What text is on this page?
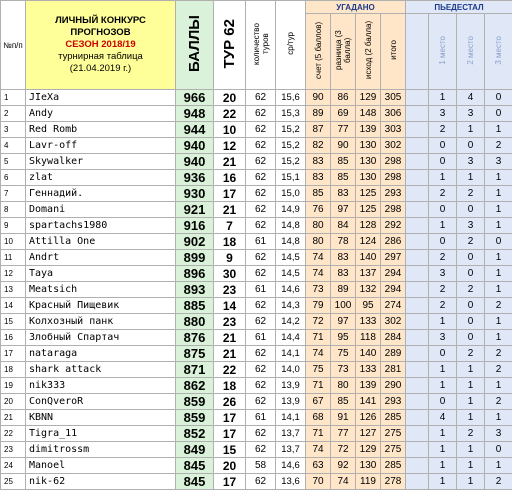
№п/п	ЛИЧНЫЙ КОНКУРС
ПРОГНОЗОВ
СЕЗОН 2018/19
турнирная таблица
(21.04.2019 г.)	БАЛЛЫ	ТУР 62	количество туров	ср/тур	УГАДАНО				ПЬЕДЕСТАЛ			
						счет (5 баллов)	разница (3 балла)	исход (2 балла)	итого		1 место	2 место	3 место
1	JIeXa	966	20	62	15,6	90	86	129	305		1	4	0
2	Andy	948	22	62	15,3	89	69	148	306		3	3	0
3	Red Romb	944	10	62	15,2	87	77	139	303		2	1	1
4	Lavr-off	940	12	62	15,2	82	90	130	302		0	0	2
5	Skywalker	940	21	62	15,2	83	85	130	298		0	3	3
6	zlat	936	16	62	15,1	83	85	130	298		1	1	1
7	Геннадий.	930	17	62	15,0	85	83	125	293		2	2	1
8	Domani	921	21	62	14,9	76	97	125	298		0	0	1
9	spartachs1980	916	7	62	14,8	80	84	128	292		1	3	1
10	Attilla One	902	18	61	14,8	80	78	124	286		0	2	0
11	Andrt	899	9	62	14,5	74	83	140	297		2	0	1
12	Taya	896	30	62	14,5	74	83	137	294		3	0	1
13	Meatsich	893	23	61	14,6	73	89	132	294		2	2	1
14	Красный Пищевик	885	14	62	14,3	79	100	95	274		2	0	2
15	Колхозный панк	880	23	62	14,2	72	97	133	302		1	0	1
16	Злобный Спартач	876	21	61	14,4	71	95	118	284		3	0	1
17	nataraga	875	21	62	14,1	74	75	140	289		0	2	2
18	shark attack	871	22	62	14,0	75	73	133	281		1	1	2
19	nik333	862	18	62	13,9	71	80	139	290		1	1	1
20	ConQveroR	859	26	62	13,9	67	85	141	293		0	1	2
21	KBNN	859	17	61	14,1	68	91	126	285		4	1	1
22	Tigra_11	852	17	62	13,7	71	77	127	275		1	2	3
23	dimitrossm	849	15	62	13,7	74	72	129	275		1	1	0
24	Manoel	845	20	58	14,6	63	92	130	285		1	1	1
25	nik-62	845	17	62	13,6	70	74	119	278		1	1	2
